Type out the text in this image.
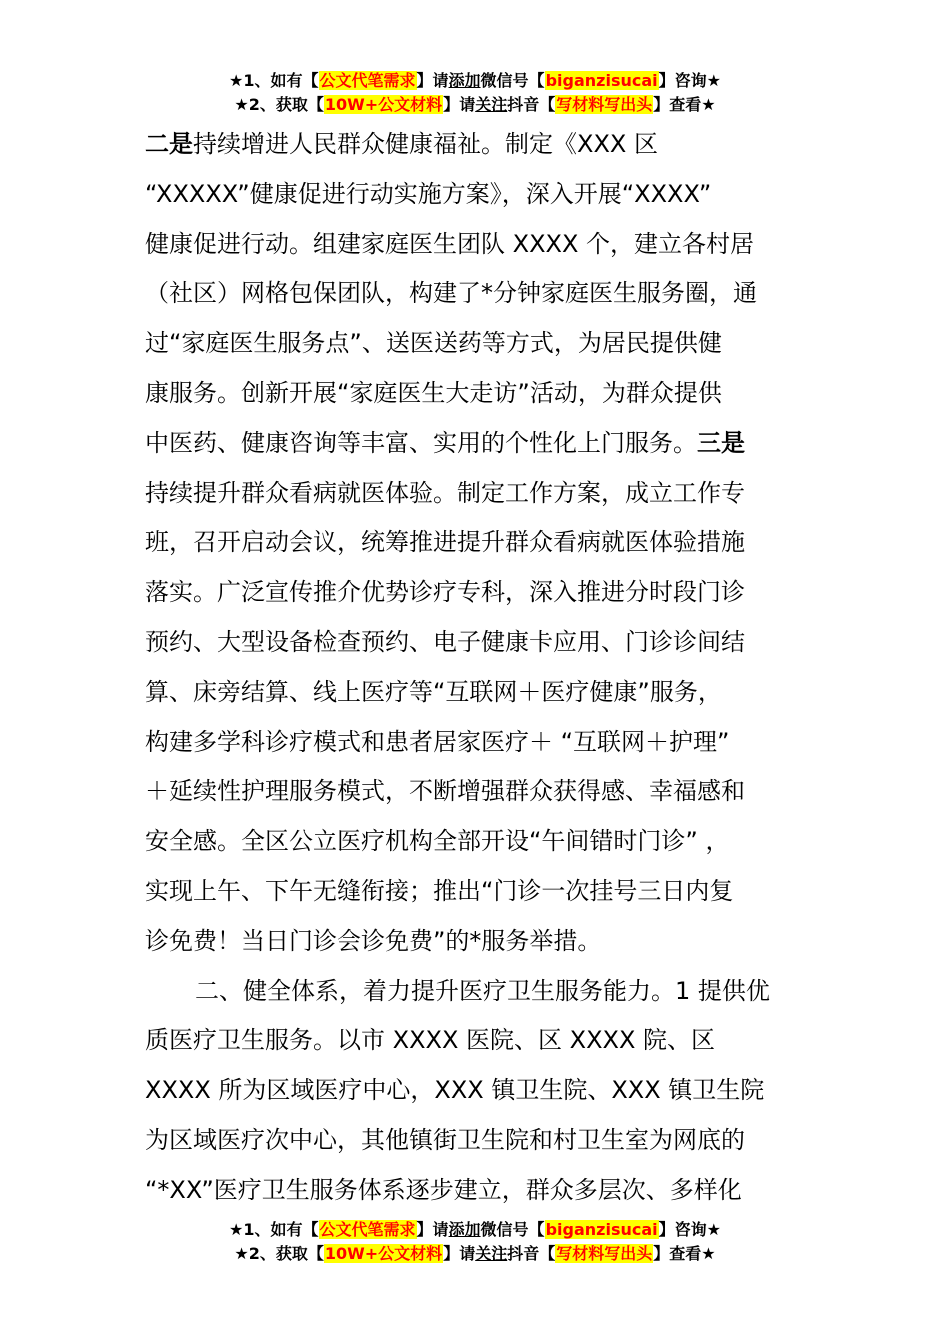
★1、如有【公文代笔需求】请添加微信号【biganzisucai】咨询★
★2、获取【10W+公文材料】请关注抖音【写材料写出头】查看★
二是持续增进人民群众健康福祉。制定《XXX 区
“XXXXX”健康促进行动实施方案》，深入开展“XXXX”
健康促进行动。组建家庭医生团队 XXXX 个，建立各村居
（社区）网格包保团队，构建了*分钟家庭医生服务圈，通
过“家庭医生服务点”、送医送药等方式，为居民提供健
康服务。创新开展“家庭医生大走访”活动，为群众提供
中医药、健康咨询等丰富、实用的个性化上门服务。三是
持续提升群众看病就医体验。制定工作方案，成立工作专
班，召开启动会议，统筹推进提升群众看病就医体验措施
落实。广泛宣传推介优势诊疗专科，深入推进分时段门诊
预约、大型设备检查预约、电子健康卡应用、门诊诊间结
算、床旁结算、线上医疗等“互联网＋医疗健康”服务，
构建多学科诊疗模式和患者居家医疗＋ “互联网＋护理”
＋延续性护理服务模式，不断增强群众获得感、幸福感和
安全感。全区公立医疗机构全部开设“午间错时门诊” ，
实现上午、下午无缝衔接；推出“门诊一次挂号三日内复
诊免费！当日门诊会诊免费”的*服务举措。
二、健全体系，着力提升医疗卫生服务能力。1 提供优
质医疗卫生服务。以市 XXXX 医院、区 XXXX 院、区
XXXX 所为区域医疗中心，XXX 镇卫生院、XXX 镇卫生院
为区域医疗次中心，其他镇街卫生院和村卫生室为网底的
“*XX”医疗卫生服务体系逐步建立，群众多层次、多样化
★1、如有【公文代笔需求】请添加微信号【biganzisucai】咨询★
★2、获取【10W+公文材料】请关注抖音【写材料写出头】查看★
